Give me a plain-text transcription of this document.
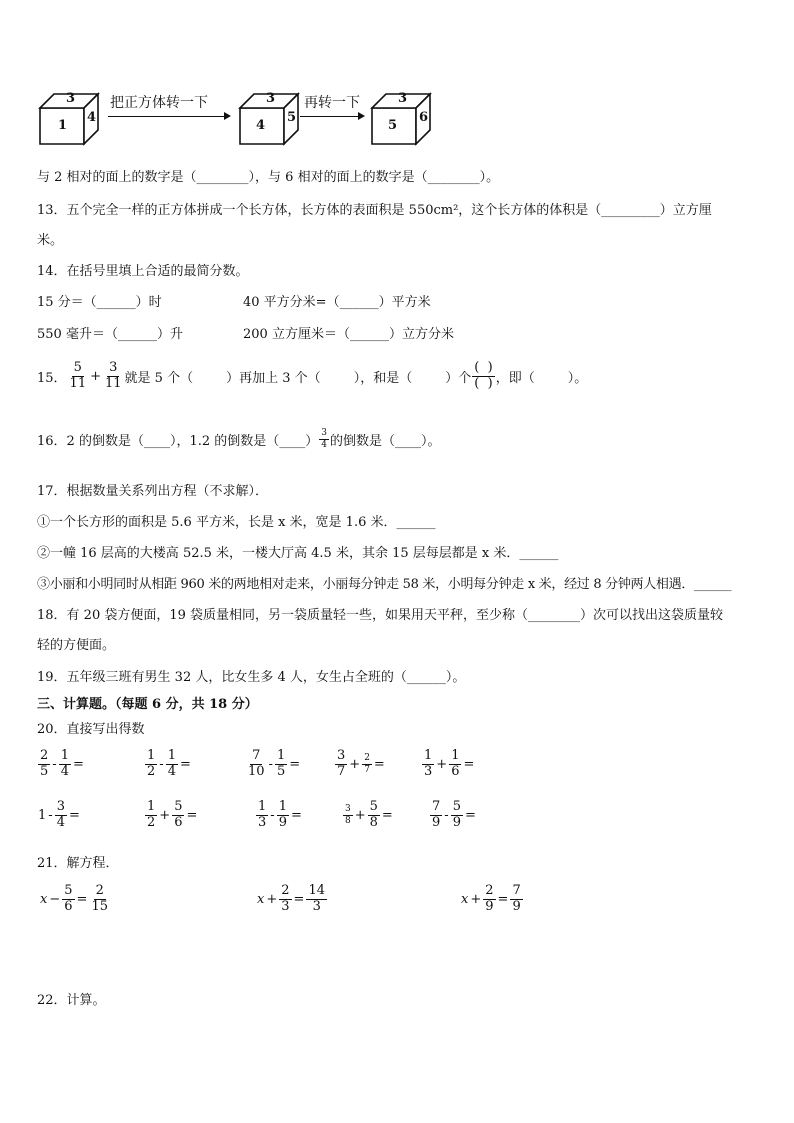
3
1
4
把正方体转一下	3
4
5
再转一下	3
5
6
与 2 相对的面上的数字是（________），与 6 相对的面上的数字是（________）。
13．五个完全一样的正方体拼成一个长方体，长方体的表面积是 550cm²，这个长方体的体积是（_________）立方厘
米。
14．在括号里填上合适的最简分数。
15 分＝（______）时	40 平方分米=（______）平方米
550 毫升＝（______）升	200 立方厘米＝（______）立方分米
15． $\frac{5}{11} + \frac{3}{11}$ 就是 5 个（        ）再加上 3 个（        ），和是（        ）个 $\frac{( )}{( )}$ ，即（        ）。
16．2 的倒数是（____），1.2 的倒数是（____） $\frac{3}{4}$ 的倒数是（____）。
17．根据数量关系列出方程（不求解）．
①一个长方形的面积是 5.6 平方米，长是 x 米，宽是 1.6 米．______
②一幢 16 层高的大楼高 52.5 米，一楼大厅高 4.5 米，其余 15 层每层都是 x 米．______
③小丽和小明同时从相距 960 米的两地相对走来，小丽每分钟走 58 米，小明每分钟走 x 米，经过 8 分钟两人相遇．______
18．有 20 袋方便面，19 袋质量相同，另一袋质量轻一些，如果用天平秤，至少称（________）次可以找出这袋质量较
轻的方便面。
19．五年级三班有男生 32 人，比女生多 4 人，女生占全班的（______）。
三、计算题。（每题 6 分，共 18 分）
20．直接写出得数
$\frac{2}{5} - \frac{1}{4}$ =	$\frac{1}{2} - \frac{1}{4}$ =	$\frac{7}{10} - \frac{1}{5}$ =	$\frac{3}{7} + \frac{2}{7}$ =	$\frac{1}{3} + \frac{1}{6}$ =
$1 - \frac{3}{4}$ =	$\frac{1}{2} + \frac{5}{6}$ =	$\frac{1}{3} - \frac{1}{9}$ =	$\frac{3}{8} + \frac{5}{8}$ =	$\frac{7}{9} - \frac{5}{9}$ =
21．解方程．
$x - \frac{5}{6} = \frac{2}{15}$	$x + \frac{2}{3} = \frac{14}{3}$	$x + \frac{2}{9} = \frac{7}{9}$
22．计算。
